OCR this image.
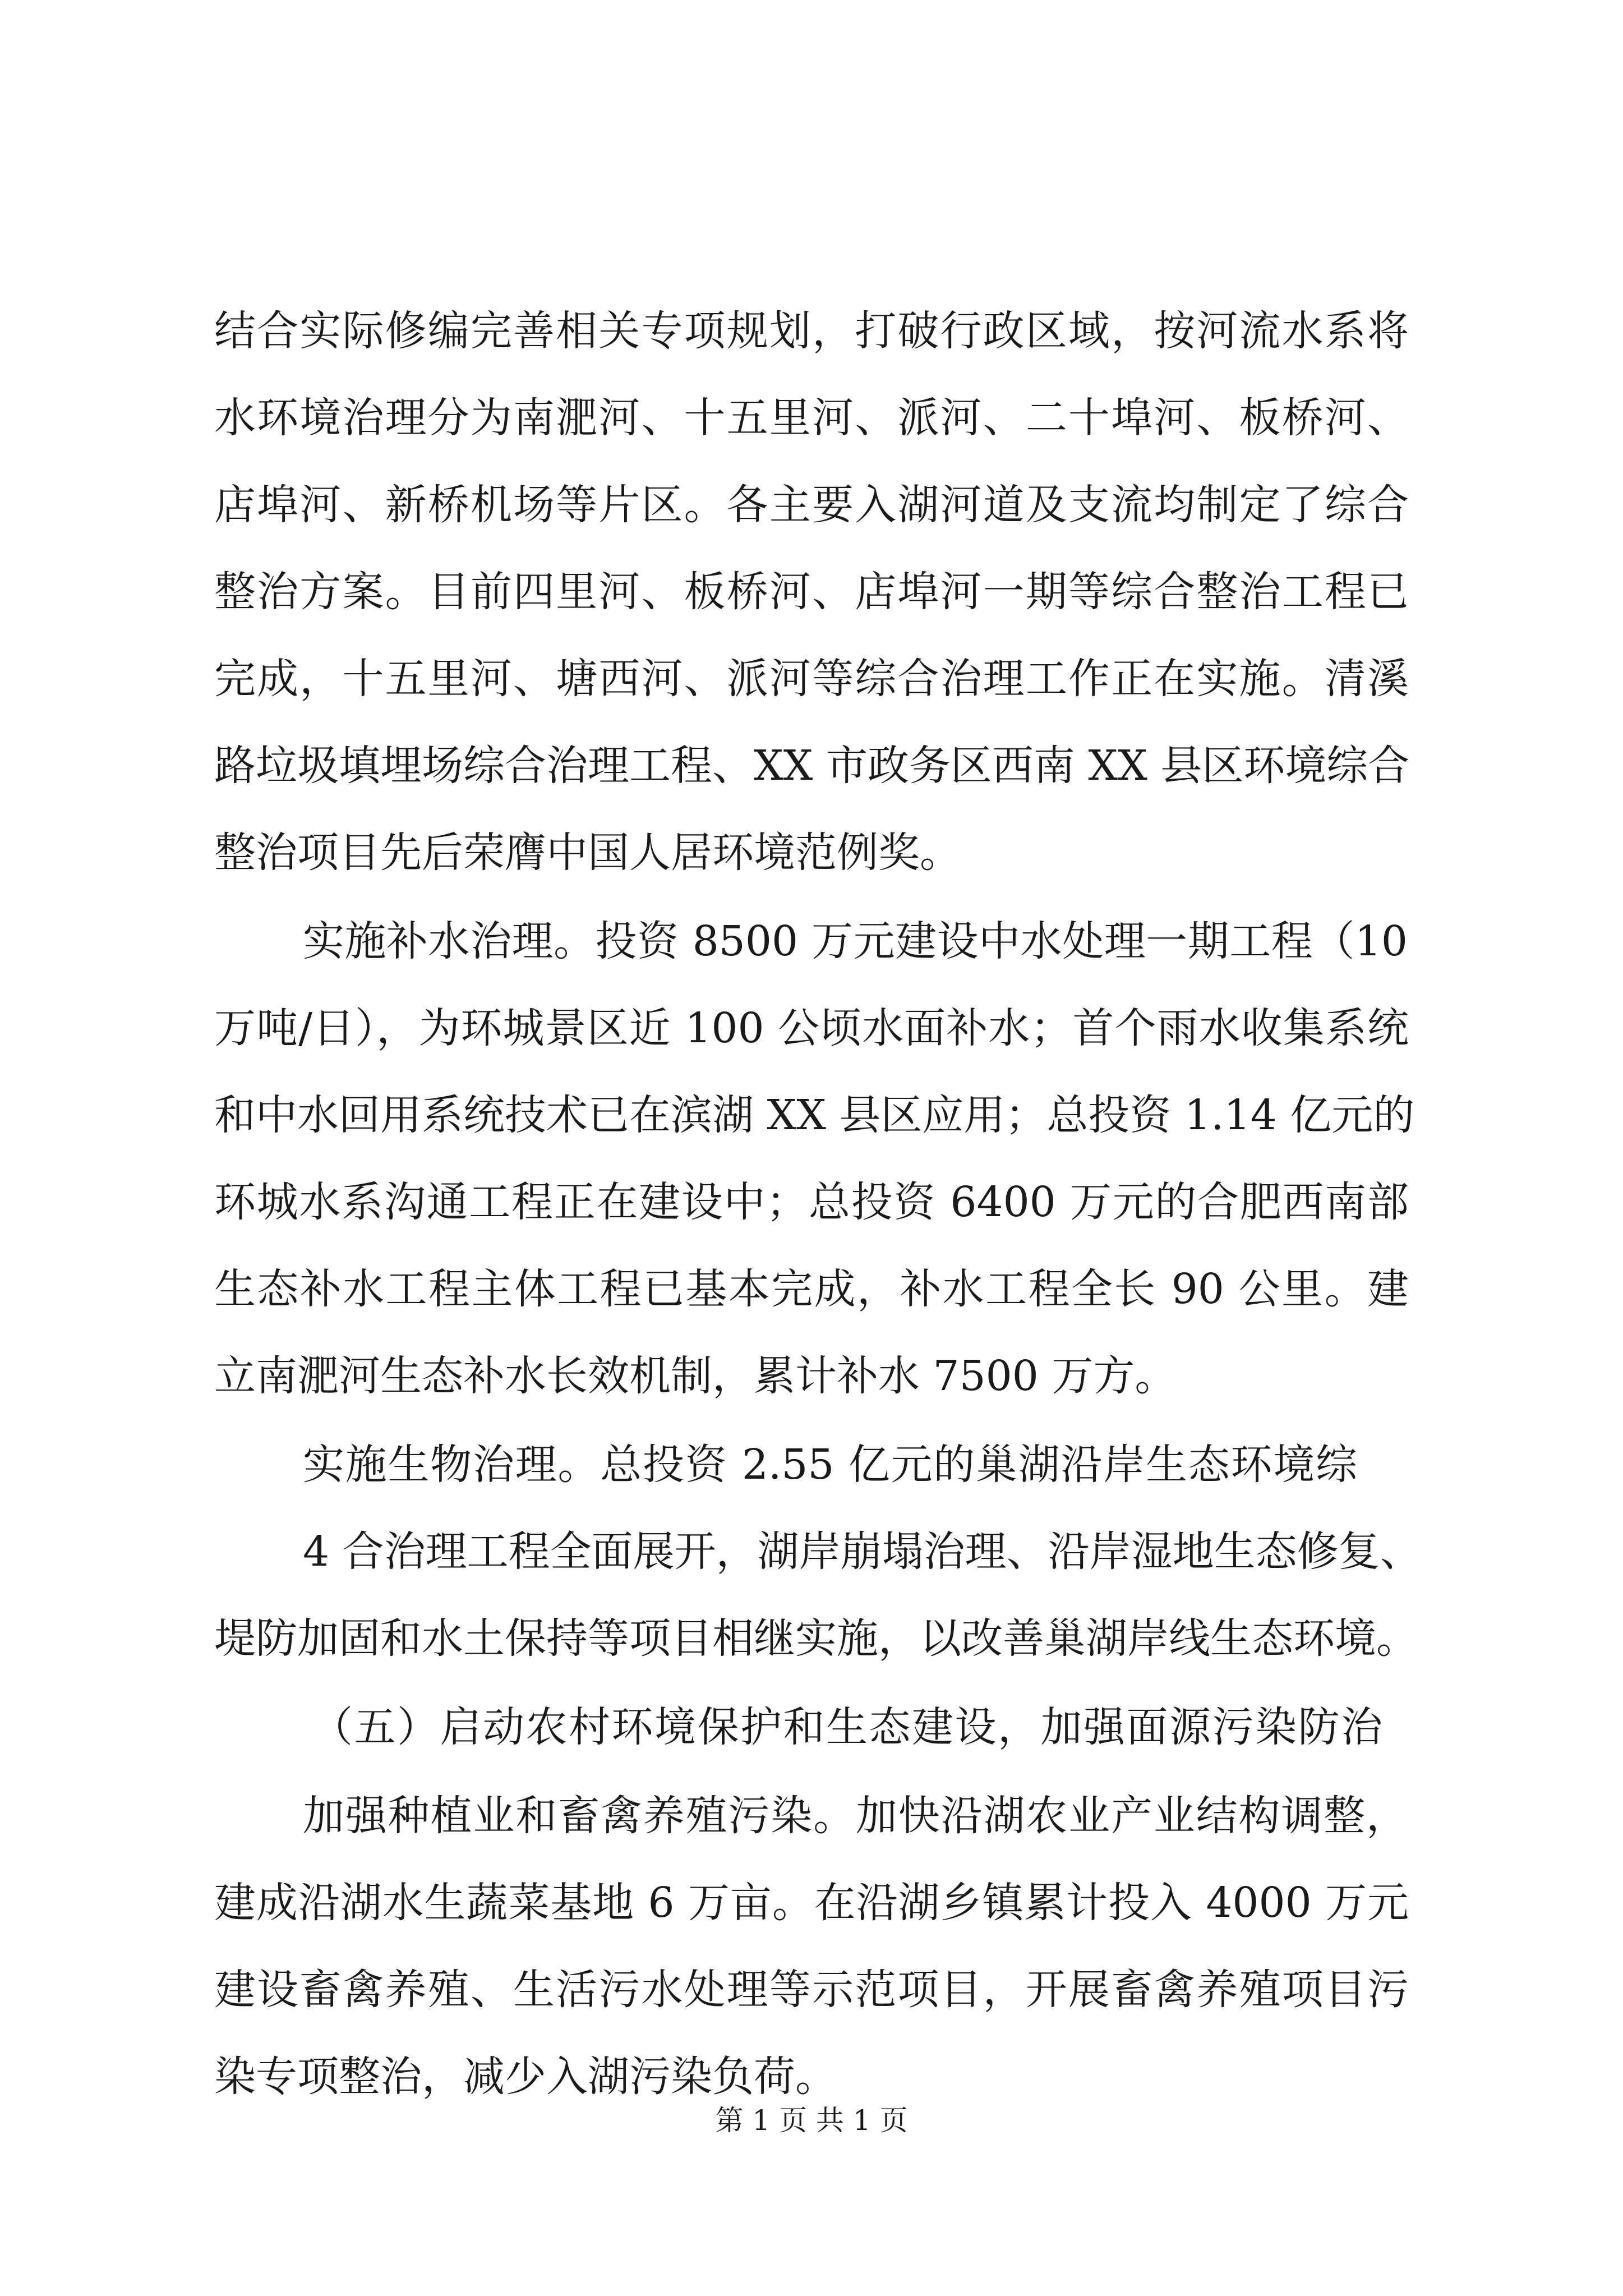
结合实际修编完善相关专项规划，打破行政区域，按河流水系将
水环境治理分为南淝河、十五里河、派河、二十埠河、板桥河、
店埠河、新桥机场等片区。各主要入湖河道及支流均制定了综合
整治方案。目前四里河、板桥河、店埠河一期等综合整治工程已
完成，十五里河、塘西河、派河等综合治理工作正在实施。清溪
路垃圾填埋场综合治理工程、XX 市政务区西南 XX 县区环境综合
整治项目先后荣膺中国人居环境范例奖。
实施补水治理。投资 8500 万元建设中水处理一期工程（10
万吨/日），为环城景区近 100 公顷水面补水；首个雨水收集系统
和中水回用系统技术已在滨湖 XX 县区应用；总投资 1.14 亿元的
环城水系沟通工程正在建设中；总投资 6400 万元的合肥西南部
生态补水工程主体工程已基本完成，补水工程全长 90 公里。建
立南淝河生态补水长效机制，累计补水 7500 万方。
实施生物治理。总投资 2.55 亿元的巢湖沿岸生态环境综
4 合治理工程全面展开，湖岸崩塌治理、沿岸湿地生态修复、
堤防加固和水土保持等项目相继实施，以改善巢湖岸线生态环境。
（五）启动农村环境保护和生态建设，加强面源污染防治
加强种植业和畜禽养殖污染。加快沿湖农业产业结构调整，
建成沿湖水生蔬菜基地 6 万亩。在沿湖乡镇累计投入 4000 万元
建设畜禽养殖、生活污水处理等示范项目，开展畜禽养殖项目污
染专项整治，减少入湖污染负荷。
第 1 页 共 1 页
